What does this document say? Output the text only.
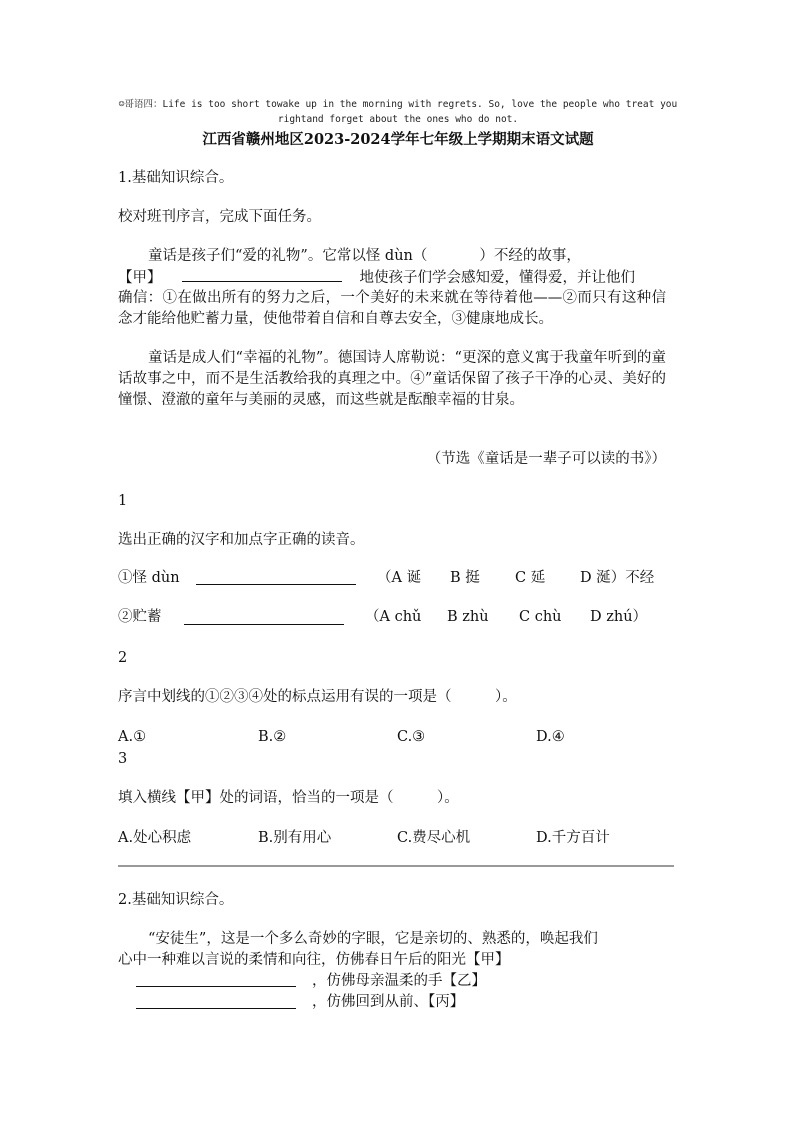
☺哥语四：Life is too short towake up in the morning with regrets. So, love the people who treat you rightand forget about the ones who do not.
江西省赣州地区2023-2024学年七年级上学期期末语文试题
1.基础知识综合。
校对班刊序言，完成下面任务。
童话是孩子们“爱的礼物”。它常以怪 dùn（	）不经的故事，
【甲】	地使孩子们学会感知爱，懂得爱，并让他们
确信：①在做出所有的努力之后，一个美好的未来就在等待着他——②而只有这种信念才能给他贮蓄力量，使他带着自信和自尊去安全，③健康地成长。
童话是成人们“幸福的礼物”。德国诗人席勒说：“更深的意义寓于我童年听到的童话故事之中，而不是生活教给我的真理之中。④”童话保留了孩子干净的心灵、美好的憧憬、澄澈的童年与美丽的灵感，而这些就是酝酿幸福的甘泉。
（节选《童话是一辈子可以读的书》）
1
选出正确的汉字和加点字正确的读音。
①怪 dùn	（A 诞 B 挺 C 延 D 涎）不经
②贮蓄	（A chǔ B zhù C chù D zhú）
2
序言中划线的①②③④处的标点运用有误的一项是（　　　）。
A.①	B.②	C.③	D.④
3
填入横线【甲】处的词语，恰当的一项是（　　　）。
A.处心积虑	B.别有用心	C.费尽心机	D.千方百计
2.基础知识综合。
“安徒生”，这是一个多么奇妙的字眼，它是亲切的、熟悉的，唤起我们
心中一种难以言说的柔情和向往，仿佛春日午后的阳光【甲】
，仿佛母亲温柔的手【乙】
，仿佛回到从前、【丙】
